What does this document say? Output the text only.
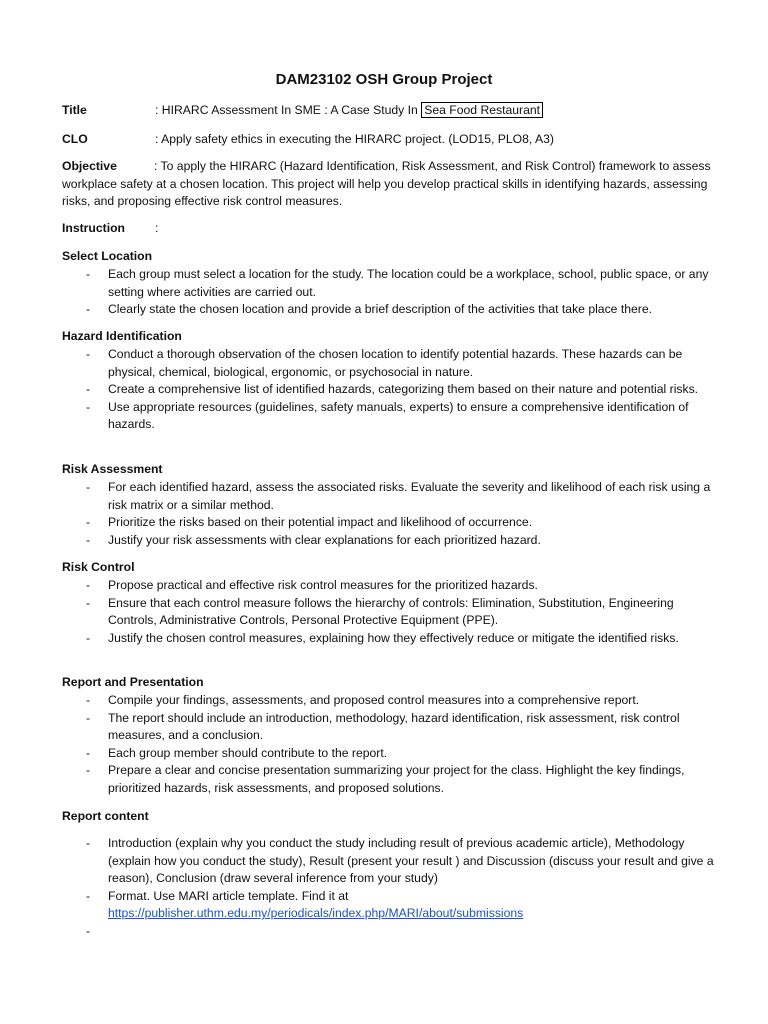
DAM23102 OSH Group Project
Title	: HIRARC Assessment In SME : A Case Study In Sea Food Restaurant
CLO	: Apply safety ethics in executing the HIRARC project. (LOD15, PLO8, A3)
Objective	: To apply the HIRARC (Hazard Identification, Risk Assessment, and Risk Control) framework to assess workplace safety at a chosen location. This project will help you develop practical skills in identifying hazards, assessing risks, and proposing effective risk control measures.
Instruction :
Select Location
- Each group must select a location for the study. The location could be a workplace, school, public space, or any setting where activities are carried out.
- Clearly state the chosen location and provide a brief description of the activities that take place there.
Hazard Identification
- Conduct a thorough observation of the chosen location to identify potential hazards. These hazards can be physical, chemical, biological, ergonomic, or psychosocial in nature.
- Create a comprehensive list of identified hazards, categorizing them based on their nature and potential risks.
- Use appropriate resources (guidelines, safety manuals, experts) to ensure a comprehensive identification of hazards.
Risk Assessment
- For each identified hazard, assess the associated risks. Evaluate the severity and likelihood of each risk using a risk matrix or a similar method.
- Prioritize the risks based on their potential impact and likelihood of occurrence.
- Justify your risk assessments with clear explanations for each prioritized hazard.
Risk Control
- Propose practical and effective risk control measures for the prioritized hazards.
- Ensure that each control measure follows the hierarchy of controls: Elimination, Substitution, Engineering Controls, Administrative Controls, Personal Protective Equipment (PPE).
- Justify the chosen control measures, explaining how they effectively reduce or mitigate the identified risks.
Report and Presentation
- Compile your findings, assessments, and proposed control measures into a comprehensive report.
- The report should include an introduction, methodology, hazard identification, risk assessment, risk control measures, and a conclusion.
- Each group member should contribute to the report.
- Prepare a clear and concise presentation summarizing your project for the class. Highlight the key findings, prioritized hazards, risk assessments, and proposed solutions.
Report content
- Introduction (explain why you conduct the study including result of previous academic article), Methodology (explain how you conduct the study), Result (present your result ) and Discussion (discuss your result and give a reason), Conclusion (draw several inference from your study)
- Format. Use MARI article template. Find it at
https://publisher.uthm.edu.my/periodicals/index.php/MARI/about/submissions
-
